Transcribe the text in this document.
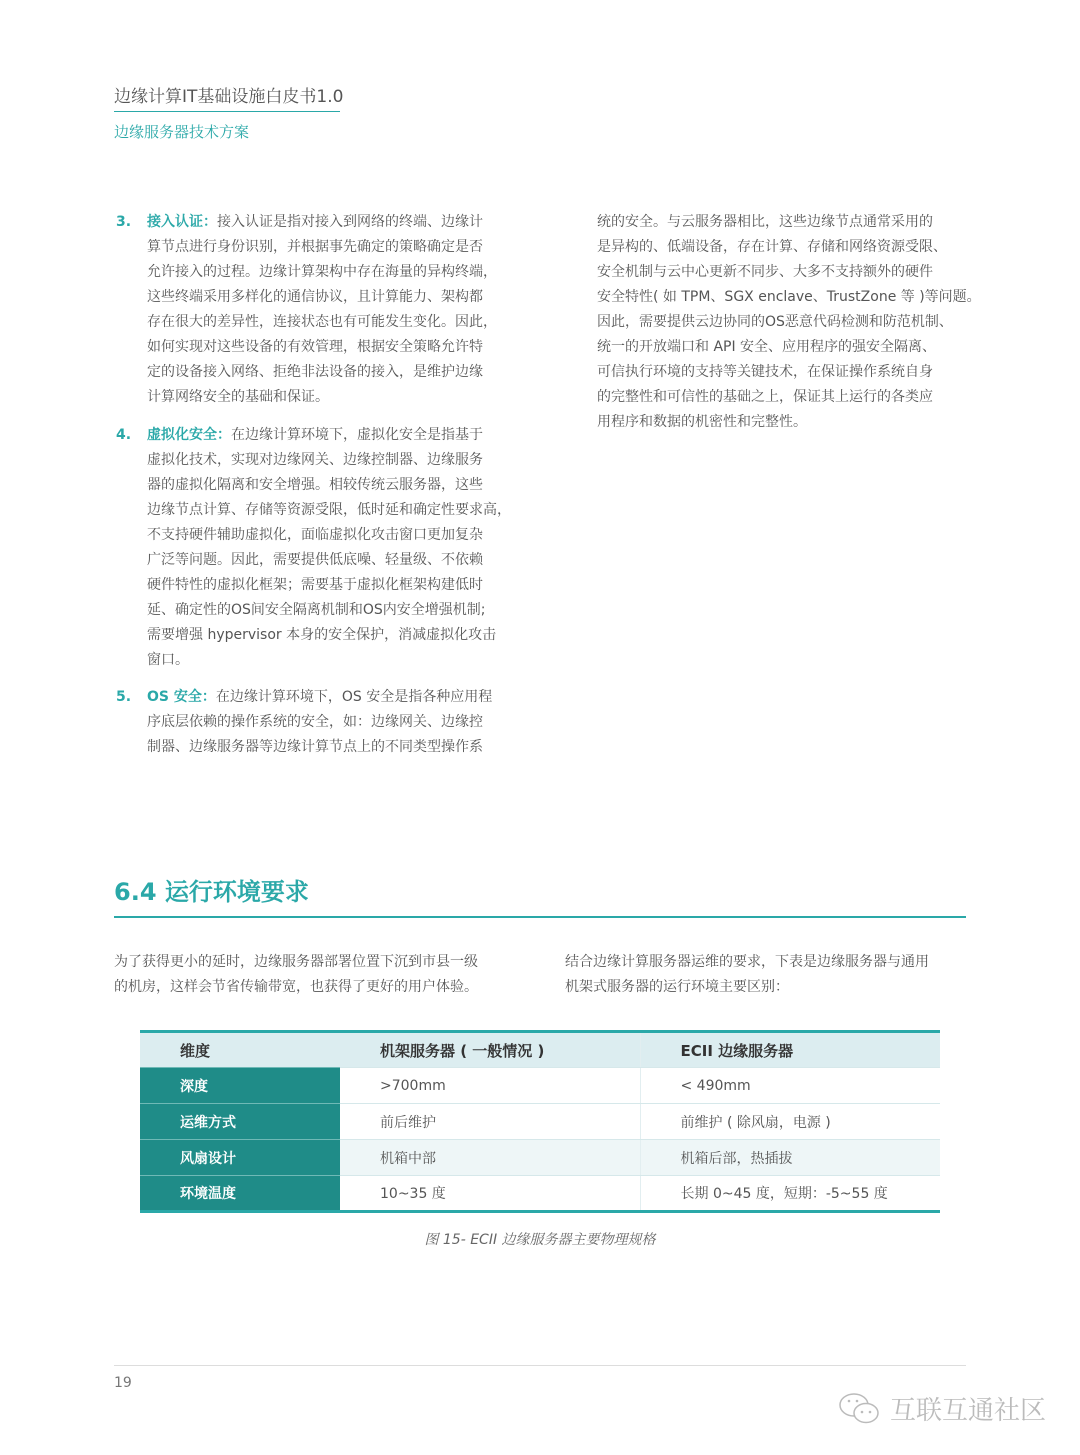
边缘计算IT基础设施白皮书1.0
边缘服务器技术方案
3. 接入认证：接入认证是指对接入到网络的终端、边缘计
算节点进行身份识别，并根据事先确定的策略确定是否
允许接入的过程。边缘计算架构中存在海量的异构终端，
这些终端采用多样化的通信协议，且计算能力、架构都
存在很大的差异性，连接状态也有可能发生变化。因此，
如何实现对这些设备的有效管理，根据安全策略允许特
定的设备接入网络、拒绝非法设备的接入，是维护边缘
计算网络安全的基础和保证。
4. 虚拟化安全：在边缘计算环境下，虚拟化安全是指基于
虚拟化技术，实现对边缘网关、边缘控制器、边缘服务
器的虚拟化隔离和安全增强。相较传统云服务器，这些
边缘节点计算、存储等资源受限，低时延和确定性要求高，
不支持硬件辅助虚拟化，面临虚拟化攻击窗口更加复杂
广泛等问题。因此，需要提供低底噪、轻量级、不依赖
硬件特性的虚拟化框架；需要基于虚拟化框架构建低时
延、确定性的OS间安全隔离机制和OS内安全增强机制;
需要增强 hypervisor 本身的安全保护，消减虚拟化攻击
窗口。
5. OS 安全：在边缘计算环境下，OS 安全是指各种应用程
序底层依赖的操作系统的安全，如：边缘网关、边缘控
制器、边缘服务器等边缘计算节点上的不同类型操作系
统的安全。与云服务器相比，这些边缘节点通常采用的
是异构的、低端设备，存在计算、存储和网络资源受限、
安全机制与云中心更新不同步、大多不支持额外的硬件
安全特性( 如 TPM、SGX enclave、TrustZone 等 )等问题。
因此，需要提供云边协同的OS恶意代码检测和防范机制、
统一的开放端口和 API 安全、应用程序的强安全隔离、
可信执行环境的支持等关键技术，在保证操作系统自身
的完整性和可信性的基础之上，保证其上运行的各类应
用程序和数据的机密性和完整性。
6.4 运行环境要求
为了获得更小的延时，边缘服务器部署位置下沉到市县一级
的机房，这样会节省传输带宽，也获得了更好的用户体验。
结合边缘计算服务器运维的要求，下表是边缘服务器与通用
机架式服务器的运行环境主要区别：
维度	机架服务器 ( 一般情况 )	ECII 边缘服务器
深度	>700mm	< 490mm
运维方式	前后维护	前维护 ( 除风扇，电源 )
风扇设计	机箱中部	机箱后部，热插拔
环境温度	10~35 度	长期 0~45 度，短期：-5~55 度
图 15- ECII 边缘服务器主要物理规格
19
互联互通社区
